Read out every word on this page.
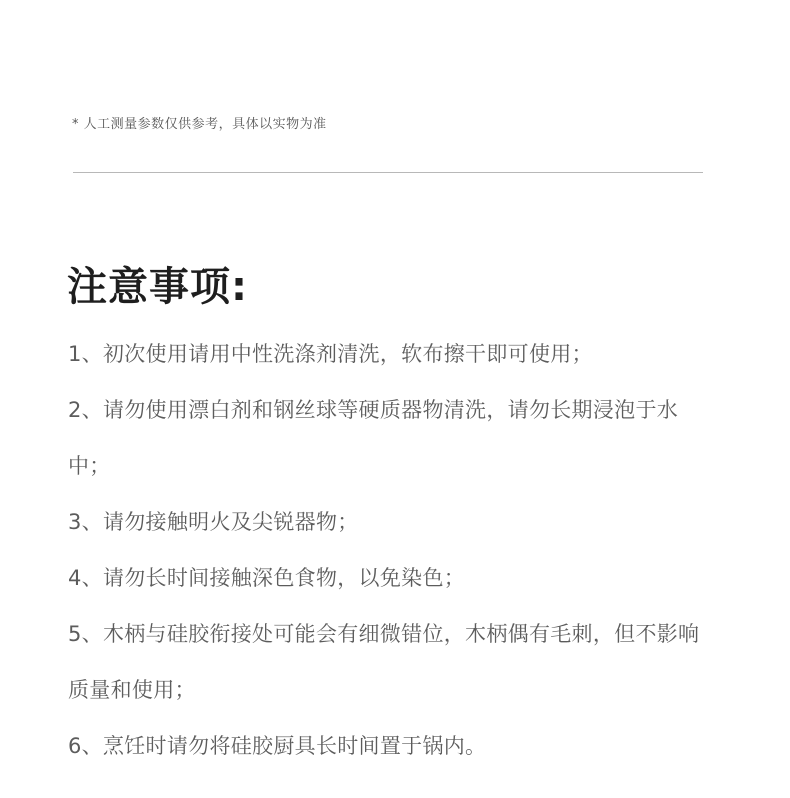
* 人工测量参数仅供参考，具体以实物为准
注意事项:
1、初次使用请用中性洗涤剂清洗，软布擦干即可使用；
2、请勿使用漂白剂和钢丝球等硬质器物清洗，请勿长期浸泡于水中；
3、请勿接触明火及尖锐器物；
4、请勿长时间接触深色食物，以免染色；
5、木柄与硅胶衔接处可能会有细微错位，木柄偶有毛刺，但不影响质量和使用；
6、烹饪时请勿将硅胶厨具长时间置于锅内。
